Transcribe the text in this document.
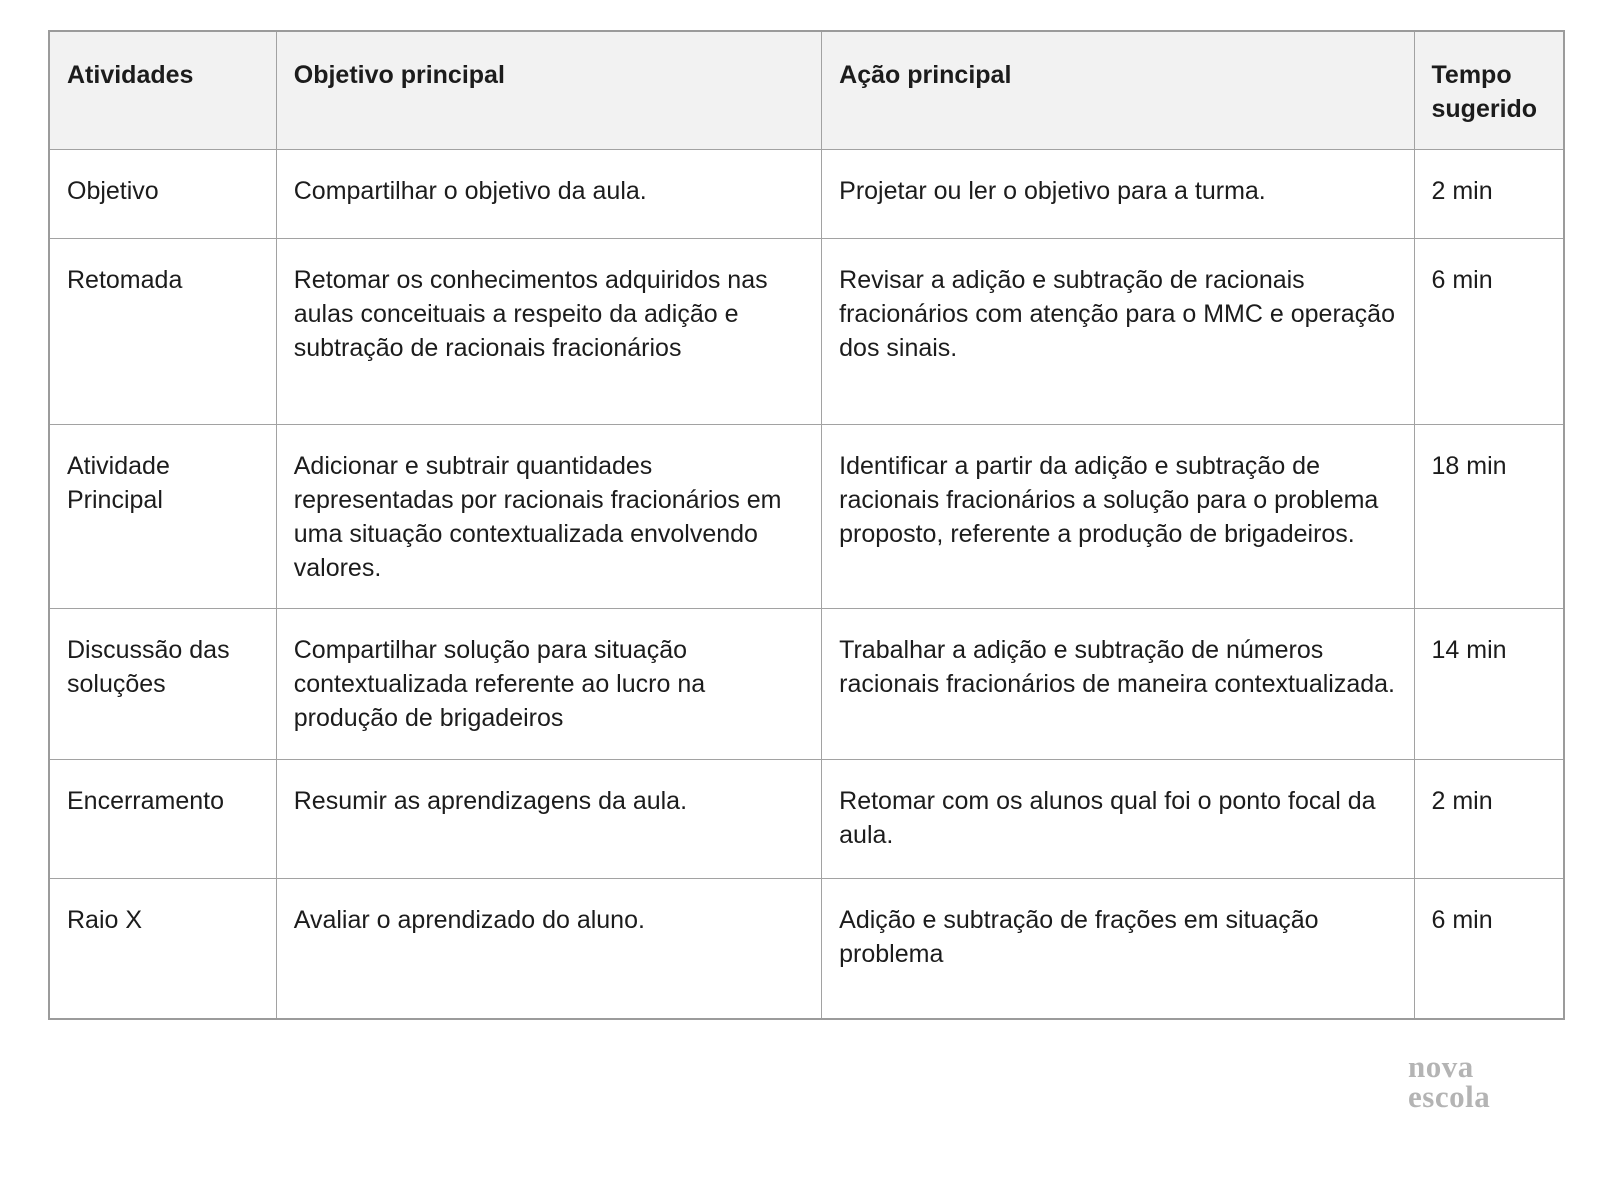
Atividades	Objetivo principal	Ação principal	Tempo sugerido
Objetivo	Compartilhar o objetivo da aula.	Projetar ou ler o objetivo para a turma.	2 min
Retomada	Retomar os conhecimentos adquiridos nas aulas conceituais a respeito da adição e subtração de racionais fracionários	Revisar a adição e subtração de racionais fracionários com atenção para o MMC e operação dos sinais.	6 min
Atividade Principal	Adicionar e subtrair quantidades representadas por racionais fracionários em uma situação contextualizada envolvendo valores.	Identificar a partir da adição e subtração de racionais fracionários a solução para o problema proposto, referente a produção de brigadeiros.	18 min
Discussão das soluções	Compartilhar solução para situação contextualizada referente ao lucro na produção de brigadeiros	Trabalhar a adição e subtração de números racionais fracionários de maneira contextualizada.	14 min
Encerramento	Resumir as aprendizagens da aula.	Retomar com os alunos qual foi o ponto focal da aula.	2 min
Raio X	Avaliar o aprendizado do aluno.	Adição e subtração de frações em situação problema	6 min
nova
escola
